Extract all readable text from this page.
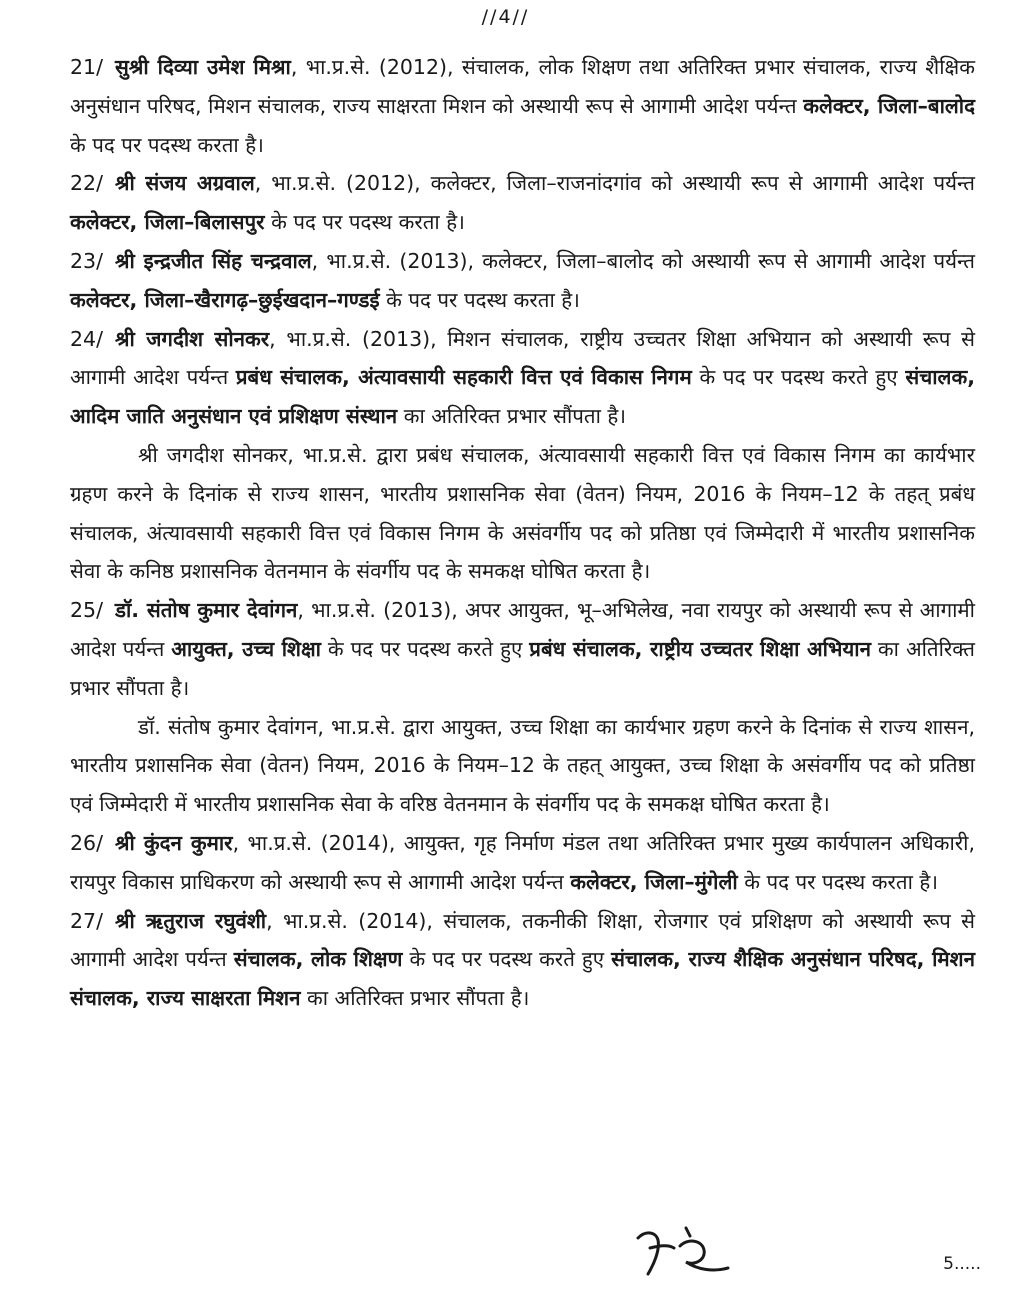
//4//

21/ सुश्री दिव्या उमेश मिश्रा, भा.प्र.से. (2012), संचालक, लोक शिक्षण तथा अतिरिक्त प्रभार संचालक, राज्य शैक्षिक अनुसंधान परिषद, मिशन संचालक, राज्य साक्षरता मिशन को अस्थायी रूप से आगामी आदेश पर्यन्त कलेक्टर, जिला–बालोद के पद पर पदस्थ करता है।

22/ श्री संजय अग्रवाल, भा.प्र.से. (2012), कलेक्टर, जिला–राजनांदगांव को अस्थायी रूप से आगामी आदेश पर्यन्त कलेक्टर, जिला–बिलासपुर के पद पर पदस्थ करता है।

23/ श्री इन्द्रजीत सिंह चन्द्रवाल, भा.प्र.से. (2013), कलेक्टर, जिला–बालोद को अस्थायी रूप से आगामी आदेश पर्यन्त कलेक्टर, जिला–खैरागढ़–छुईखदान–गण्डई के पद पर पदस्थ करता है।

24/ श्री जगदीश सोनकर, भा.प्र.से. (2013), मिशन संचालक, राष्ट्रीय उच्चतर शिक्षा अभियान को अस्थायी रूप से आगामी आदेश पर्यन्त प्रबंध संचालक, अंत्यावसायी सहकारी वित्त एवं विकास निगम के पद पर पदस्थ करते हुए संचालक, आदिम जाति अनुसंधान एवं प्रशिक्षण संस्थान का अतिरिक्त प्रभार सौंपता है।

श्री जगदीश सोनकर, भा.प्र.से. द्वारा प्रबंध संचालक, अंत्यावसायी सहकारी वित्त एवं विकास निगम का कार्यभार ग्रहण करने के दिनांक से राज्य शासन, भारतीय प्रशासनिक सेवा (वेतन) नियम, 2016 के नियम–12 के तहत् प्रबंध संचालक, अंत्यावसायी सहकारी वित्त एवं विकास निगम के असंवर्गीय पद को प्रतिष्ठा एवं जिम्मेदारी में भारतीय प्रशासनिक सेवा के कनिष्ठ प्रशासनिक वेतनमान के संवर्गीय पद के समकक्ष घोषित करता है।

25/ डॉ. संतोष कुमार देवांगन, भा.प्र.से. (2013), अपर आयुक्त, भू–अभिलेख, नवा रायपुर को अस्थायी रूप से आगामी आदेश पर्यन्त आयुक्त, उच्च शिक्षा के पद पर पदस्थ करते हुए प्रबंध संचालक, राष्ट्रीय उच्चतर शिक्षा अभियान का अतिरिक्त प्रभार सौंपता है।

डॉ. संतोष कुमार देवांगन, भा.प्र.से. द्वारा आयुक्त, उच्च शिक्षा का कार्यभार ग्रहण करने के दिनांक से राज्य शासन, भारतीय प्रशासनिक सेवा (वेतन) नियम, 2016 के नियम–12 के तहत् आयुक्त, उच्च शिक्षा के असंवर्गीय पद को प्रतिष्ठा एवं जिम्मेदारी में भारतीय प्रशासनिक सेवा के वरिष्ठ वेतनमान के संवर्गीय पद के समकक्ष घोषित करता है।

26/ श्री कुंदन कुमार, भा.प्र.से. (2014), आयुक्त, गृह निर्माण मंडल तथा अतिरिक्त प्रभार मुख्य कार्यपालन अधिकारी, रायपुर विकास प्राधिकरण को अस्थायी रूप से आगामी आदेश पर्यन्त कलेक्टर, जिला–मुंगेली के पद पर पदस्थ करता है।

27/ श्री ऋतुराज रघुवंशी, भा.प्र.से. (2014), संचालक, तकनीकी शिक्षा, रोजगार एवं प्रशिक्षण को अस्थायी रूप से आगामी आदेश पर्यन्त संचालक, लोक शिक्षण के पद पर पदस्थ करते हुए संचालक, राज्य शैक्षिक अनुसंधान परिषद, मिशन संचालक, राज्य साक्षरता मिशन का अतिरिक्त प्रभार सौंपता है।

5.....
